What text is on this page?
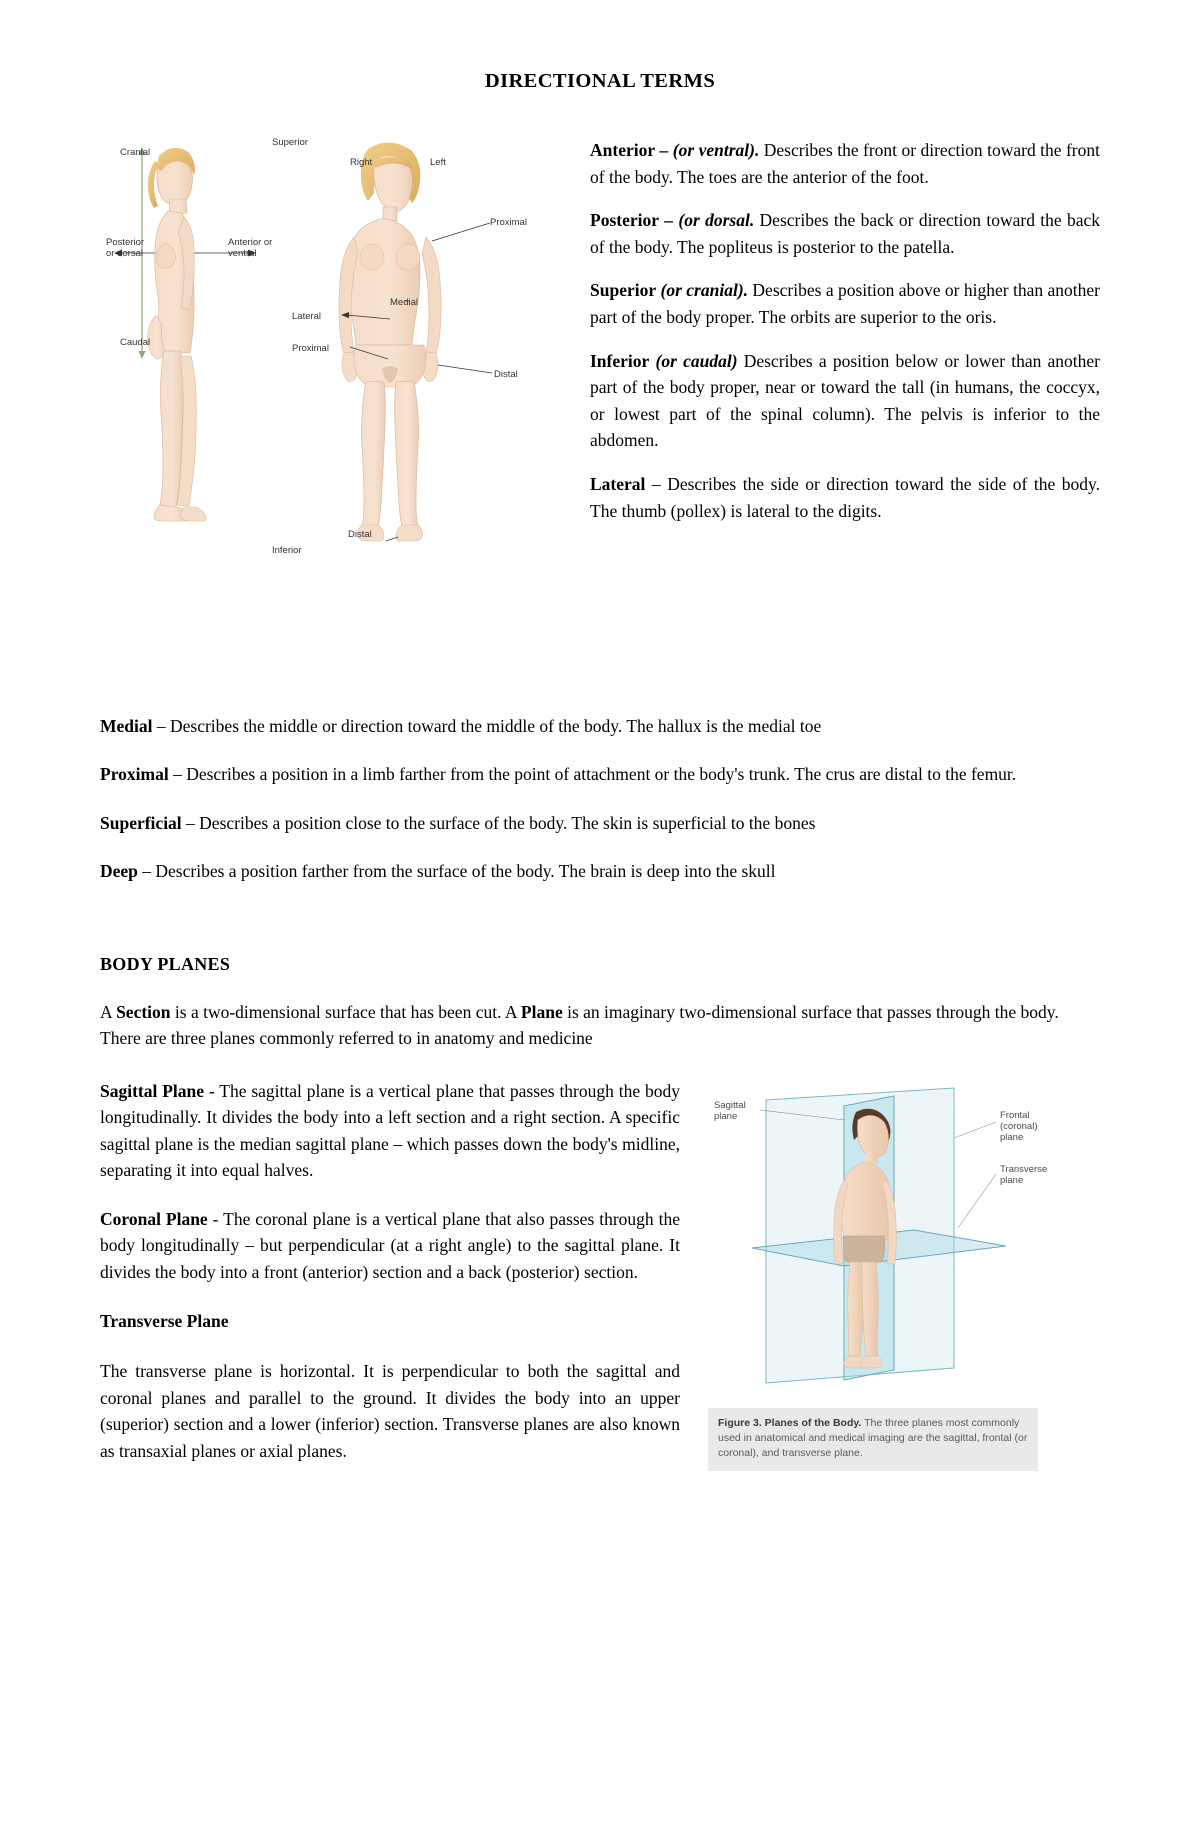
DIRECTIONAL TERMS
Cranial
Caudal
Posterior
or dorsal
Anterior or
ventral
Superior
Inferior
Right	Left
Proximal
Medial
Lateral
Proximal
Distal
Distal

Anterior – (or ventral). Describes the front or direction toward the front of the body. The toes are the anterior of the foot.

Posterior – (or dorsal. Describes the back or direction toward the back of the body. The popliteus is posterior to the patella.

Superior (or cranial). Describes a position above or higher than another part of the body proper. The orbits are superior to the oris.

Inferior (or caudal) Describes a position below or lower than another part of the body proper, near or toward the tall (in humans, the coccyx, or lowest part of the spinal column). The pelvis is inferior to the abdomen.

Lateral – Describes the side or direction toward the side of the body. The thumb (pollex) is lateral to the digits.

Medial – Describes the middle or direction toward the middle of the body. The hallux is the medial toe

Proximal – Describes a position in a limb farther from the point of attachment or the body's trunk. The crus are distal to the femur.

Superficial – Describes a position close to the surface of the body. The skin is superficial to the bones

Deep – Describes a position farther from the surface of the body. The brain is deep into the skull

BODY PLANES

A Section is a two-dimensional surface that has been cut. A Plane is an imaginary two-dimensional surface that passes through the body. There are three planes commonly referred to in anatomy and medicine

Sagittal Plane - The sagittal plane is a vertical plane that passes through the body longitudinally. It divides the body into a left section and a right section. A specific sagittal plane is the median sagittal plane – which passes down the body's midline, separating it into equal halves.

Coronal Plane - The coronal plane is a vertical plane that also passes through the body longitudinally – but perpendicular (at a right angle) to the sagittal plane. It divides the body into a front (anterior) section and a back (posterior) section.

Transverse Plane

The transverse plane is horizontal. It is perpendicular to both the sagittal and coronal planes and parallel to the ground. It divides the body into an upper (superior) section and a lower (inferior) section. Transverse planes are also known as transaxial planes or axial planes.

Sagittal
plane	Frontal
(coronal)
plane
Transverse
plane
Figure 3. Planes of the Body. The three planes most commonly used in anatomical and medical imaging are the sagittal, frontal (or coronal), and transverse plane.
